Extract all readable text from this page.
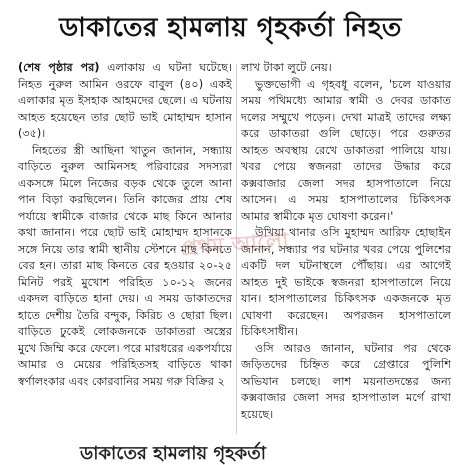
ডাকাতের হামলায় গৃহকর্তা নিহত

(শেষ পৃষ্ঠার পর) এলাকায় এ ঘটনা ঘটেছে। নিহত নুরুল আমিন ওরফে বাবুল (৪০) একই এলাকার মৃত ইসহাক আহমদের ছেলে। এ ঘটনায় আহত হয়েছেন তার ছোট ভাই মোহাম্মদ হাসান (৩৫)।

নিহতের স্ত্রী আছিনা খাতুন জানান, সন্ধ্যায় বাড়িতে নুরুল আমিনসহ পরিবারের সদস্যরা একসঙ্গে মিলে নিজের বড়ক থেকে তুলে আনা পান বিড়া করছিলেন। তিনি কাজের প্রায় শেষ পর্যায়ে স্বামীকে বাজার থেকে মাছ কিনে আনার কথা জানান। পরে ছোট ভাই মোহাম্মদ হাসানকে সঙ্গে নিয়ে তার স্বামী স্থানীয় স্টেশনে মাছ কিনতে বের হন। তারা মাছ কিনতে বের হওয়ার ২০-২৫ মিনিট পরই মুখোশ পরিহিত ১০-১২ জনের একদল বাড়িতে হানা দেয়। এ সময় ডাকাতদের হাতে দেশীয় তৈরি বন্দুক, কিরিচ ও ছোরা ছিল। বাড়িতে ঢুকেই লোকজনকে ডাকাতরা অস্ত্রের মুখে জিম্মি করে ফেলে। পরে মারধরের একপর্যায়ে আমার ও মেয়ের পরিহিতসহ বাড়িতে থাকা স্বর্ণালংকার এবং কোরবানির সময় গরু বিক্রির ২

লাখ টাকা লুটে নেয়।

ভুক্তভোগী এ গৃহবধূ বলেন, 'চলে যাওয়ার সময় পথিমধ্যে আমার স্বামী ও দেবর ডাকাত দলের সম্মুখে পড়েন। দেখা মাত্রই তাদের লক্ষ্য করে ডাকাতরা গুলি ছোড়ে। পরে গুরুতর আহত অবস্থায় রেখে ডাকাতরা পালিয়ে যায়। খবর পেয়ে স্বজনরা তাদের উদ্ধার করে কক্সবাজার জেলা সদর হাসপাতালে নিয়ে আসেন। এ সময় হাসপাতালের চিকিৎসক আমার স্বামীকে মৃত ঘোষণা করেন।'

উখিয়া থানার ওসি মুহাম্মদ আরিফ হোছাইন জানান, সন্ধ্যার পর ঘটনার খবর পেয়ে পুলিশের একটি দল ঘটনাস্থলে পৌঁছায়। এর আগেই আহত দুই ভাইকে স্বজনরা হাসপাতালে নিয়ে যান। হাসপাতালের চিকিৎসক একজনকে মৃত ঘোষণা করেছেন। অপরজন হাসপাতালে চিকিৎসাধীন।

ওসি আরও জানান, ঘটনার পর থেকে জড়িতদের চিহ্নিত করে গ্রেপ্তারে পুলিশি অভিযান চলছে। লাশ ময়নাতদন্তের জন্য কক্সবাজার জেলা সদর হাসপাতাল মর্গে রাখা হয়েছে।

প্রথম আলো
ডাকাতের হামলায় গৃহকর্তা
